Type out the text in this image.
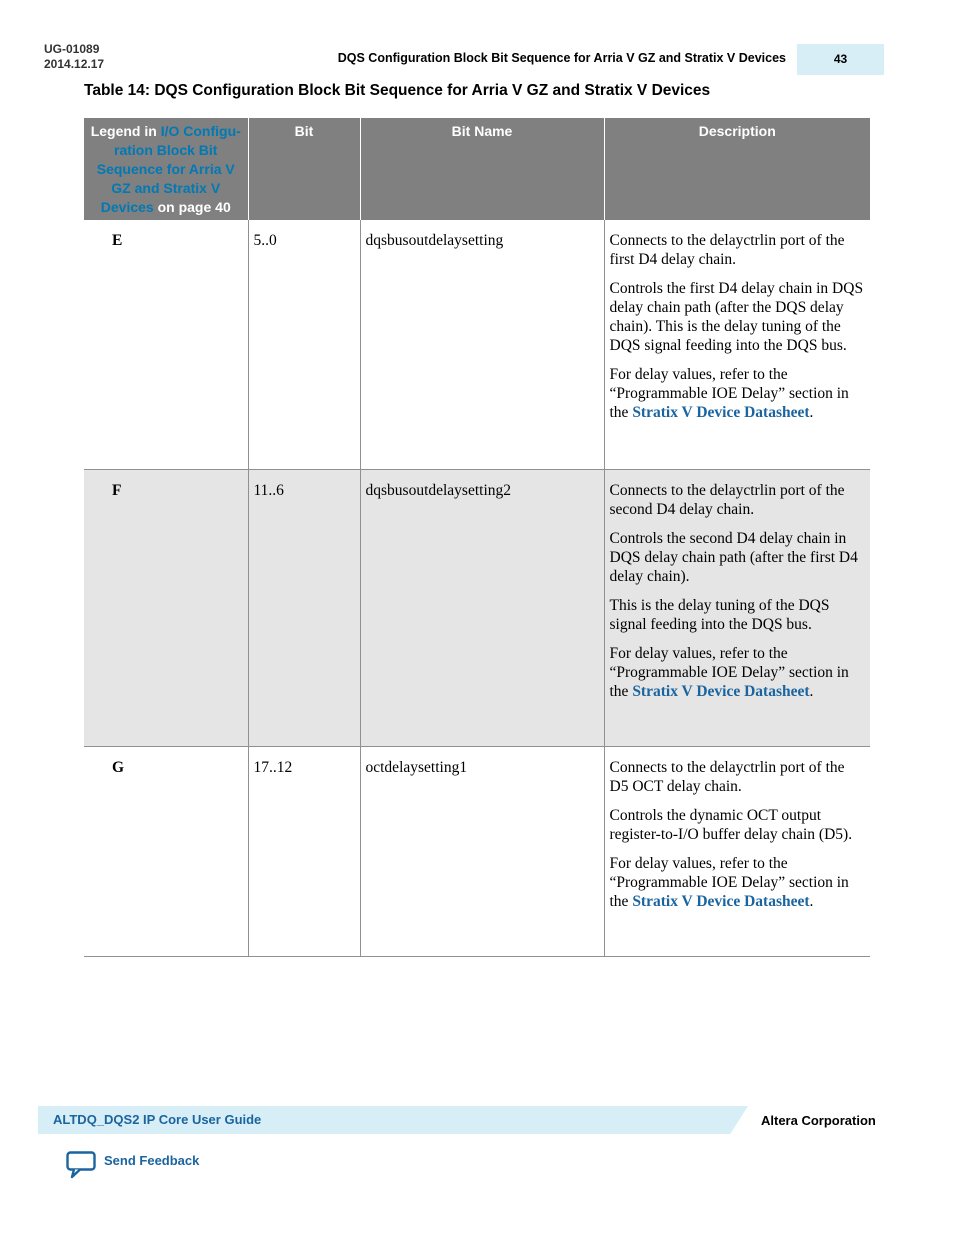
UG-01089
2014.12.17	DQS Configuration Block Bit Sequence for Arria V GZ and Stratix V Devices	43
Table 14: DQS Configuration Block Bit Sequence for Arria V GZ and Stratix V Devices
Legend in I/O Configu-ration Block Bit Sequence for Arria V GZ and Stratix V Devices on page 40	Bit	Bit Name	Description
E	5..0	dqsbusoutdelaysetting	Connects to the delayctrlin port of the first D4 delay chain.

Controls the first D4 delay chain in DQS delay chain path (after the DQS delay chain). This is the delay tuning of the DQS signal feeding into the DQS bus.

For delay values, refer to the “Programmable IOE Delay” section in the Stratix V Device Datasheet.

F	11..6	dqsbusoutdelaysetting2	Connects to the delayctrlin port of the second D4 delay chain.

Controls the second D4 delay chain in DQS delay chain path (after the first D4 delay chain).

This is the delay tuning of the DQS signal feeding into the DQS bus.

For delay values, refer to the “Programmable IOE Delay” section in the Stratix V Device Datasheet.

G	17..12	octdelaysetting1	Connects to the delayctrlin port of the D5 OCT delay chain.

Controls the dynamic OCT output register-to-I/O buffer delay chain (D5).

For delay values, refer to the “Programmable IOE Delay” section in the Stratix V Device Datasheet.

ALTDQ_DQS2 IP Core User Guide	Altera Corporation
Send Feedback
